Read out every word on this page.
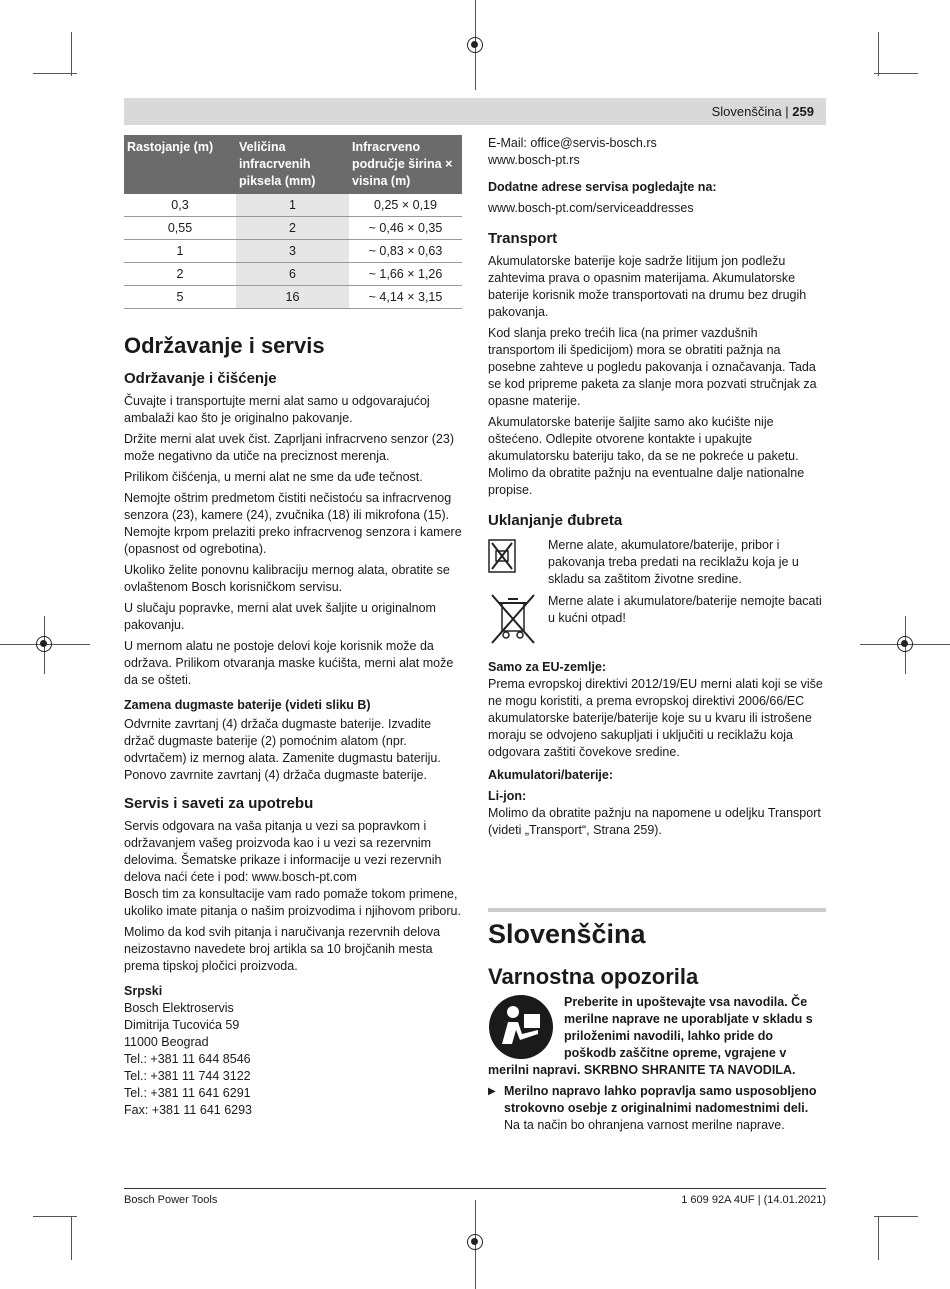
Slovenščina | 259
Rastojanje (m)	Veličina infracrvenih piksela (mm)	Infracrveno područje širina × visina (m)
0,3	1	0,25 × 0,19
0,55	2	~ 0,46 × 0,35
1	3	~ 0,83 × 0,63
2	6	~ 1,66 × 1,26
5	16	~ 4,14 × 3,15
Održavanje i servis
Održavanje i čišćenje

Čuvajte i transportujte merni alat samo u odgovarajućoj ambalaži kao što je originalno pakovanje.

Držite merni alat uvek čist. Zaprljani infracrveno senzor (23) može negativno da utiče na preciznost merenja.

Prilikom čišćenja, u merni alat ne sme da uđe tečnost.

Nemojte oštrim predmetom čistiti nečistoću sa infracrvenog senzora (23), kamere (24), zvučnika (18) ili mikrofona (15). Nemojte krpom prelaziti preko infracrvenog senzora i kamere (opasnost od ogrebotina).

Ukoliko želite ponovnu kalibraciju mernog alata, obratite se ovlaštenom Bosch korisničkom servisu.

U slučaju popravke, merni alat uvek šaljite u originalnom pakovanju.

U mernom alatu ne postoje delovi koje korisnik može da održava. Prilikom otvaranja maske kućišta, merni alat može da se ošteti.

Zamena dugmaste baterije (videti sliku B)

Odvrnite zavrtanj (4) držača dugmaste baterije. Izvadite držač dugmaste baterije (2) pomoćnim alatom (npr. odvrtačem) iz mernog alata. Zamenite dugmastu bateriju. Ponovo zavrnite zavrtanj (4) držača dugmaste baterije.

Servis i saveti za upotrebu

Servis odgovara na vaša pitanja u vezi sa popravkom i održavanjem vašeg proizvoda kao i u vezi sa rezervnim delovima. Šematske prikaze i informacije u vezi rezervnih delova naći ćete i pod: www.bosch-pt.com

Bosch tim za konsultacije vam rado pomaže tokom primene, ukoliko imate pitanja o našim proizvodima i njihovom priboru.

Molimo da kod svih pitanja i naručivanja rezervnih delova neizostavno navedete broj artikla sa 10 brojčanih mesta prema tipskoj pločici proizvoda.

Srpski
Bosch Elektroservis
Dimitrija Tucovića 59
11000 Beograd
Tel.: +381 11 644 8546
Tel.: +381 11 744 3122
Tel.: +381 11 641 6291
Fax: +381 11 641 6293
E-Mail: office@servis-bosch.rs
www.bosch-pt.rs
Dodatne adrese servisa pogledajte na:
www.bosch-pt.com/serviceaddresses
Transport

Akumulatorske baterije koje sadrže litijum jon podležu zahtevima prava o opasnim materijama. Akumulatorske baterije korisnik može transportovati na drumu bez drugih pakovanja.

Kod slanja preko trećih lica (na primer vazdušnih transportom ili špedicijom) mora se obratiti pažnja na posebne zahteve u pogledu pakovanja i označavanja. Tada se kod pripreme paketa za slanje mora pozvati stručnjak za opasne materije.

Akumulatorske baterije šaljite samo ako kućište nije oštećeno. Odlepite otvorene kontakte i upakujte akumulatorsku bateriju tako, da se ne pokreće u paketu. Molimo da obratite pažnju na eventualne dalje nationalne propise.

Uklanjanje đubreta
Merne alate, akumulatore/baterije, pribor i pakovanja treba predati na reciklažu koja je u skladu sa zaštitom životne sredine.
Merne alate i akumulatore/baterije nemojte bacati u kućni otpad!
Samo za EU-zemlje:

Prema evropskoj direktivi 2012/19/EU merni alati koji se više ne mogu koristiti, a prema evropskoj direktivi 2006/66/EC akumulatorske baterije/baterije koje su u kvaru ili istrošene moraju se odvojeno sakupljati i uključiti u reciklažu koja odgovara zaštiti čovekove sredine.

Akumulatori/baterije:
Li-jon:

Molimo da obratite pažnju na napomene u odeljku Transport (videti „Transport“, Strana 259).

Slovenščina
Varnostna opozorila
Preberite in upoštevajte vsa navodila. Če merilne naprave ne uporabljate v skladu s priloženimi navodili, lahko pride do poškodb zaščitne opreme, vgrajene v merilni napravi. SKRBNO SHRANITE TA NAVODILA.
▶ Merilno napravo lahko popravlja samo usposobljeno strokovno osebje z originalnimi nadomestnimi deli. Na ta način bo ohranjena varnost merilne naprave.
Bosch Power Tools	1 609 92A 4UF | (14.01.2021)
